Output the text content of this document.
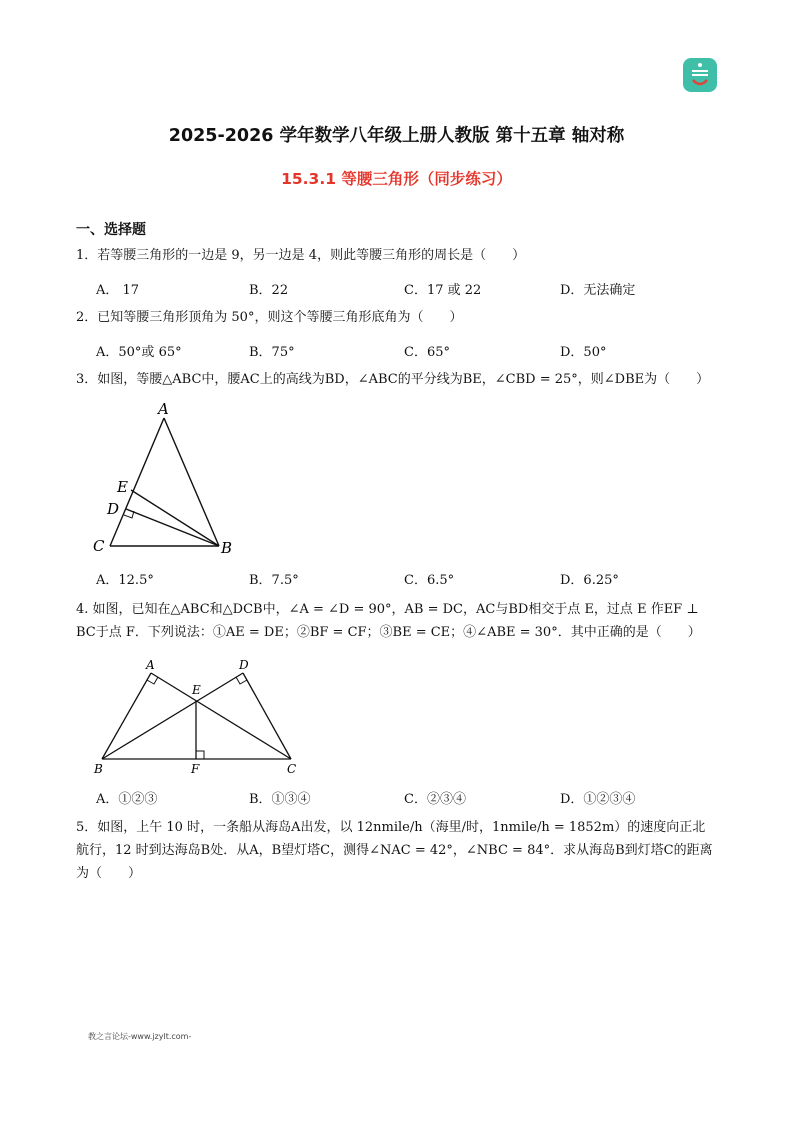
2025-2026 学年数学八年级上册人教版 第十五章 轴对称
15.3.1 等腰三角形（同步练习）
一、选择题
1．若等腰三角形的一边是 9，另一边是 4，则此等腰三角形的周长是（　　）
A． 17	B．22	C．17 或 22	D．无法确定
2．已知等腰三角形顶角为 50°，则这个等腰三角形底角为（　　）
A．50°或 65°	B．75°	C．65°	D．50°
3．如图，等腰△ABC中，腰AC上的高线为BD，∠ABC的平分线为BE，∠CBD = 25°，则∠DBE为（　　）
A
E
D
C	B
A．12.5°	B．7.5°	C．6.5°	D．6.25°
4. 如图，已知在△ABC和△DCB中，∠A = ∠D = 90°，AB = DC，AC与BD相交于点 E，过点 E 作EF ⊥ BC于点 F．下列说法：①AE = DE；②BF = CF；③BE = CE；④∠ABE = 30°．其中正确的是（　　）
A	D
E
B	F	C
A．①②③	B．①③④	C．②③④	D．①②③④
5．如图，上午 10 时，一条船从海岛A出发，以 12nmile/h（海里/时，1nmile/h = 1852m）的速度向正北航行，12 时到达海岛B处．从A，B望灯塔C，测得∠NAC = 42°，∠NBC = 84°．求从海岛B到灯塔C的距离为（　　）
教之言论坛-www.jzylt.com-
